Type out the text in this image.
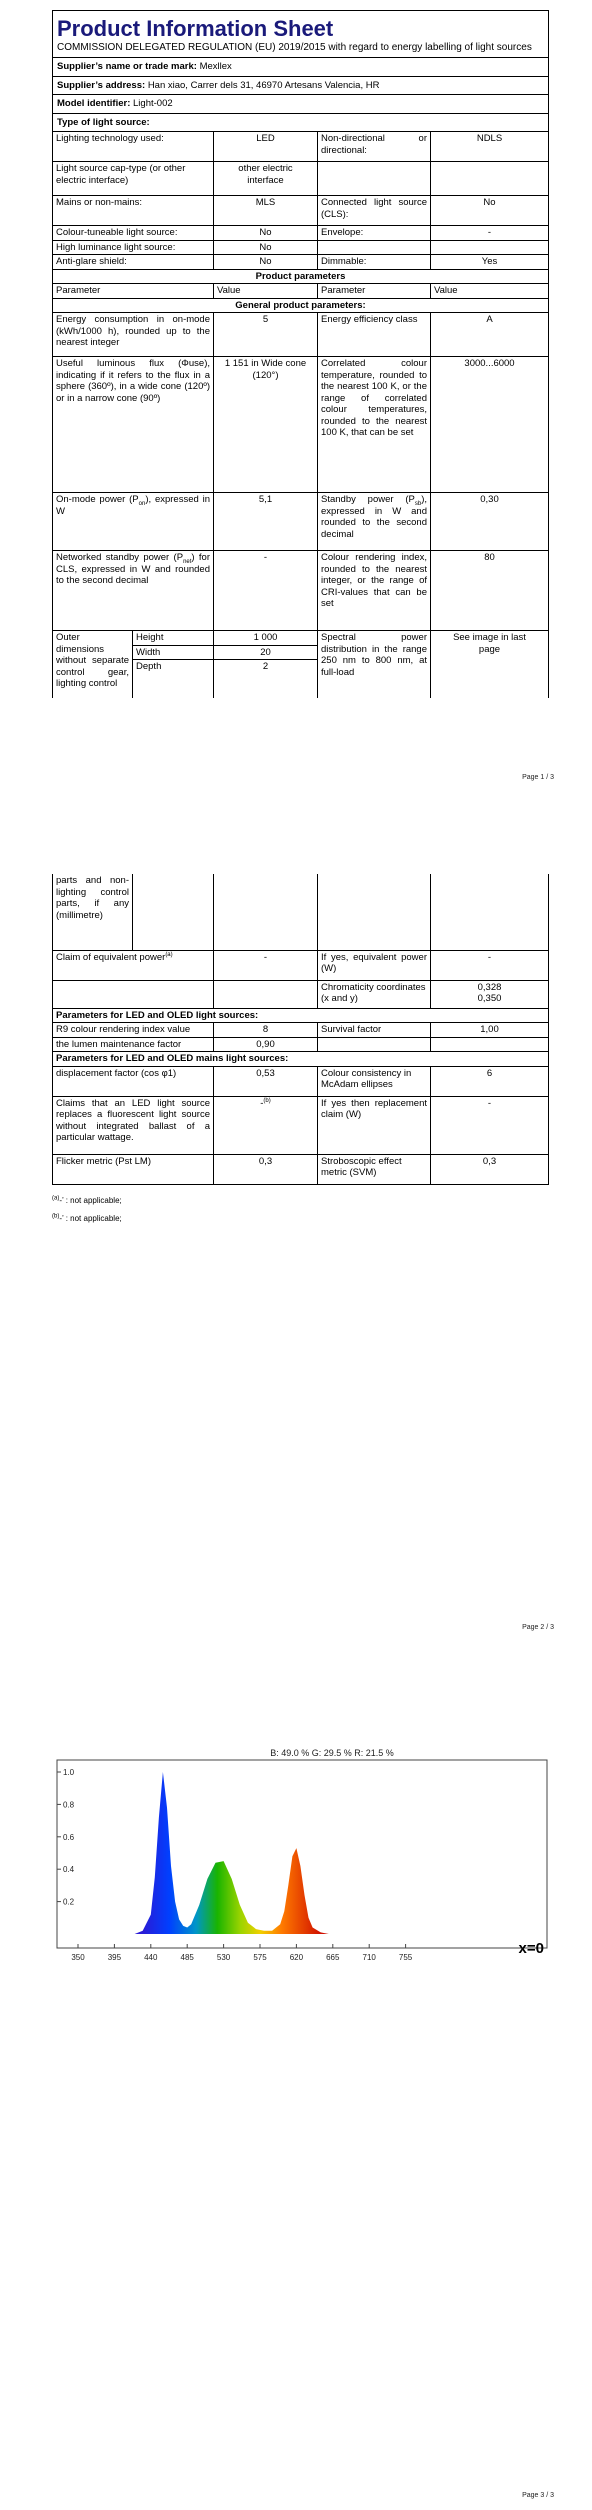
Product Information Sheet
COMMISSION DELEGATED REGULATION (EU) 2019/2015 with regard to energy labelling of light sources				

Supplier’s name or trade mark: Mexllex				
Supplier’s address: Han xiao, Carrer dels 31, 46970 Artesans Valencia, HR				
Model identifier: Light-002				
Type of light source:				
Lighting technology used:		LED	Non-directional or directional:	NDLS
Light source cap-type (or other electric interface)		other electric interface		
Mains or non-mains:		MLS	Connected light source (CLS):	No
Colour-tuneable light source:		No	Envelope:	-
High luminance light source:		No		
Anti-glare shield:		No	Dimmable:	Yes
Product parameters				
Parameter		Value	Parameter	Value
General product parameters:				
Energy consumption in on-mode (kWh/1000 h), rounded up to the nearest integer		5	Energy efficiency class	A
Useful luminous flux (Φuse), indicating if it refers to the flux in a sphere (360º), in a wide cone (120º) or in a narrow cone (90º)		1 151 in Wide cone (120°)	Correlated colour temperature, rounded to the nearest 100 K, or the range of correlated colour temperatures, rounded to the nearest 100 K, that can be set	3000...6000
On-mode power $(P_{on})$, expressed in W		5,1	Standby power $(P_{sb})$, expressed in W and rounded to the second decimal	0,30
Networked standby power $(P_{net})$ for CLS, expressed in W and rounded to the second decimal		-	Colour rendering index, rounded to the nearest integer, or the range of CRI-values that can be set	80
Outer dimensions without separate control gear, lighting control	Height	1 000	Spectral power distribution in the range 250 nm to 800 nm, at full-load	See image in last page
	Width	20		
	Depth	2		
Page 1 / 3
parts and non-lighting control parts, if any (millimetre)				
Claim of equivalent power$^{(a)}$		-	If yes, equivalent power (W)	-
			Chromaticity coordinates (x and y)	0,328
0,350

Parameters for LED and OLED light sources:				
R9 colour rendering index value		8	Survival factor	1,00
the lumen maintenance factor		0,90		
Parameters for LED and OLED mains light sources:				
displacement factor (cos φ1)		0,53	Colour consistency in McAdam ellipses	6
Claims that an LED light source replaces a fluorescent light source without integrated ballast of a particular wattage.		-$^{(b)}$	If yes then replacement claim (W)	-
Flicker metric (Pst LM)		0,3	Stroboscopic effect metric (SVM)	0,3
$^{(a)}$-’ : not applicable;
$^{(b)}$-’ : not applicable;
Page 2 / 3
B: 49.0 % G: 29.5 % R: 21.5 %
0.2
0.4
0.6
0.8
1.0
350	395	440	485	530	575	620	665	710	755
x=0
Page 3 / 3
